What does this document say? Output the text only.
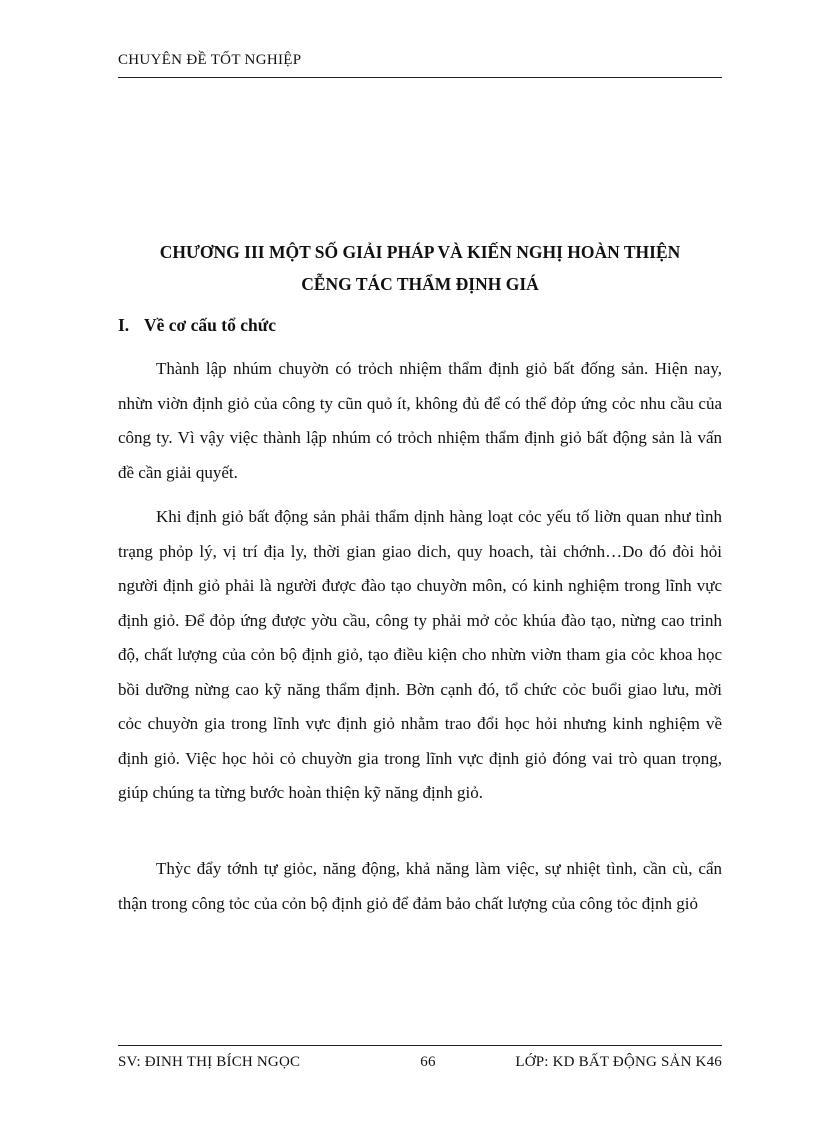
CHUYÊN ĐỀ TỐT NGHIỆP
CHƯƠNG III MỘT SỐ GIẢI PHÁP VÀ KIẾN NGHỊ HOÀN THIỆN
CỄNG TÁC THẨM ĐỊNH GIÁ
I. Về cơ cấu tổ chức

Thành lập nhúm chuyờn có trỏch nhiệm thẩm định giỏ bất đống sản. Hiện nay, nhừn viờn định giỏ của công ty cũn quỏ ít, không đủ để có thể đỏp ứng cỏc nhu cầu của công ty. Vì vậy việc thành lập nhúm có trỏch nhiệm thẩm định giỏ bất động sản là vấn đề cần giải quyết.

Khi định giỏ bất động sản phải thẩm dịnh hàng loạt cỏc yếu tố liờn quan như tình trạng phỏp lý, vị trí địa ly, thời gian giao dich, quy hoach, tài chớnh…Do đó đòi hỏi người định giỏ phải là người được đào tạo chuyờn môn, có kinh nghiệm trong lĩnh vực định giỏ. Để đỏp ứng được yờu cầu, công ty phải mở cỏc khúa đào tạo, nừng cao trinh độ, chất lượng của cỏn bộ định giỏ, tạo điều kiện cho nhừn viờn tham gia cỏc khoa học bồi dưỡng nừng cao kỹ năng thẩm định. Bờn cạnh đó, tổ chức cỏc buổi giao lưu, mời cỏc chuyờn gia trong lĩnh vực định giỏ nhằm trao đổi học hỏi nhưng kinh nghiệm về định giỏ. Việc học hỏi cỏ chuyờn gia trong lĩnh vực định giỏ đóng vai trò quan trọng, giúp chúng ta từng bước hoàn thiện kỹ năng định giỏ.

Thỳc đẩy tớnh tự giỏc, năng động, khả năng làm việc, sự nhiệt tình, cần cù, cẩn thận trong công tỏc của cỏn bộ định giỏ để đảm bảo chất lượng của công tỏc định giỏ

SV: ĐINH THỊ BÍCH NGỌC	66	LỚP: KD BẤT ĐỘNG SẢN K46
